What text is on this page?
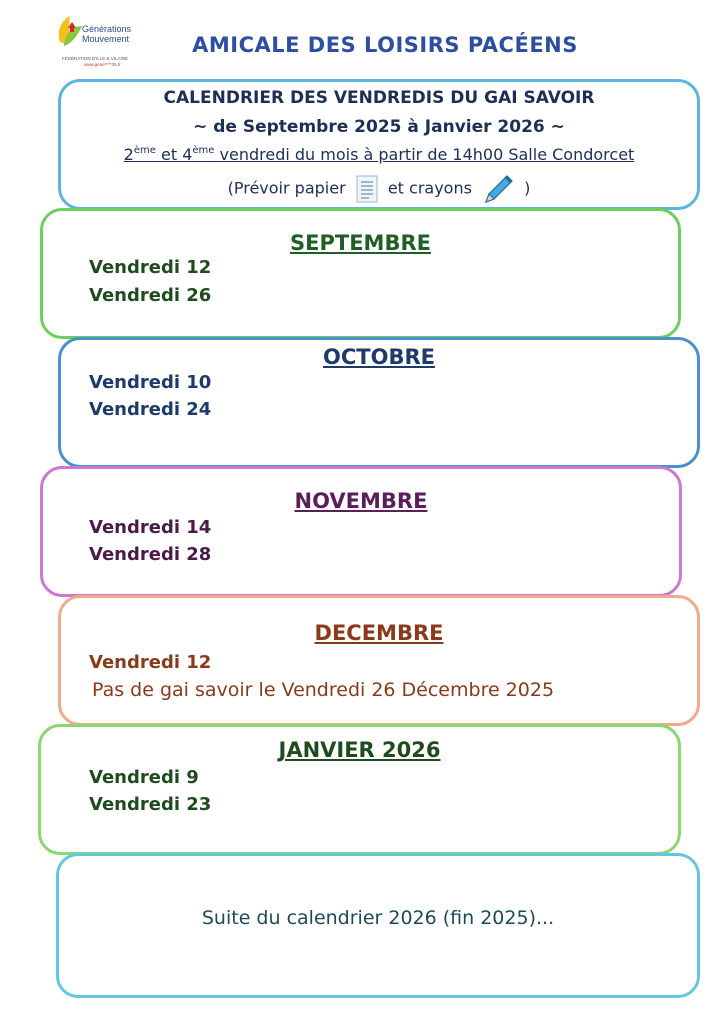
Générations
Mouvement
FÉDÉRATION D'ILLE & VILAINE
www.gene****35.fr
AMICALE DES LOISIRS PACÉENS
CALENDRIER DES VENDREDIS DU GAI SAVOIR
~ de Septembre 2025 à Janvier 2026 ~
2ème et 4ème vendredi du mois à partir de 14h00 Salle Condorcet
(Prévoir papier	et crayons	)
SEPTEMBRE
Vendredi 12
Vendredi 26
OCTOBRE
Vendredi 10
Vendredi 24
NOVEMBRE
Vendredi 14
Vendredi 28
DECEMBRE
Vendredi 12
Pas de gai savoir le Vendredi 26 Décembre 2025
JANVIER 2026
Vendredi 9
Vendredi 23
Suite du calendrier 2026 (fin 2025)...
